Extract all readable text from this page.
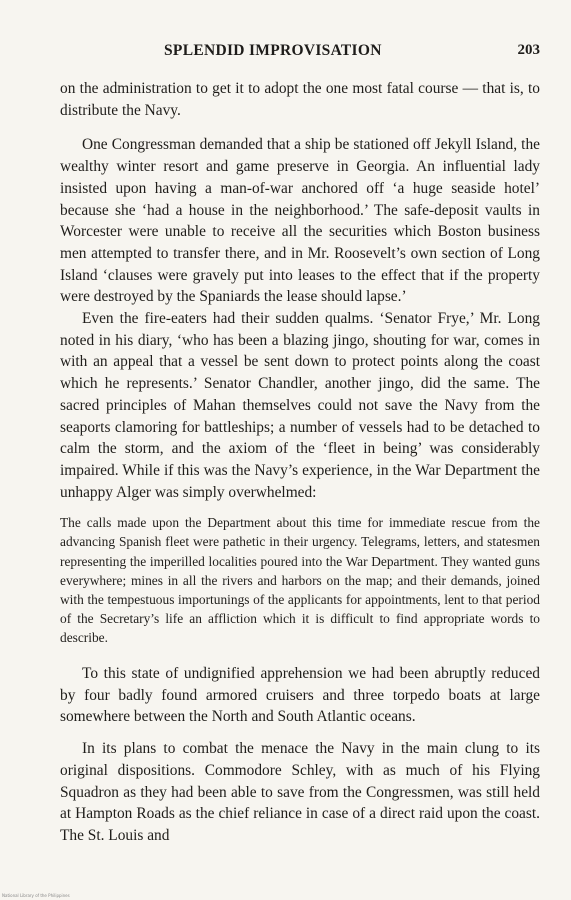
SPLENDID IMPROVISATION	203

on the administration to get it to adopt the one most fatal course — that is, to distribute the Navy.

One Congressman demanded that a ship be stationed off Jekyll Island, the wealthy winter resort and game preserve in Georgia. An influential lady insisted upon having a man-of-war anchored off ‘a huge seaside hotel’ because she ‘had a house in the neighborhood.’ The safe-deposit vaults in Worcester were unable to receive all the securities which Boston business men attempted to transfer there, and in Mr. Roosevelt’s own section of Long Island ‘clauses were gravely put into leases to the effect that if the property were destroyed by the Spaniards the lease should lapse.’

Even the fire-eaters had their sudden qualms. ‘Senator Frye,’ Mr. Long noted in his diary, ‘who has been a blazing jingo, shouting for war, comes in with an appeal that a vessel be sent down to protect points along the coast which he represents.’ Senator Chandler, another jingo, did the same. The sacred principles of Mahan themselves could not save the Navy from the seaports clamoring for battleships; a number of vessels had to be detached to calm the storm, and the axiom of the ‘fleet in being’ was considerably impaired. While if this was the Navy’s experience, in the War Department the unhappy Alger was simply overwhelmed:

The calls made upon the Department about this time for immediate rescue from the advancing Spanish fleet were pathetic in their urgency. Telegrams, letters, and statesmen representing the imperilled localities poured into the War Department. They wanted guns everywhere; mines in all the rivers and harbors on the map; and their demands, joined with the tempestuous importunings of the applicants for appointments, lent to that period of the Secretary’s life an affliction which it is difficult to find appropriate words to describe.

To this state of undignified apprehension we had been abruptly reduced by four badly found armored cruisers and three torpedo boats at large somewhere between the North and South Atlantic oceans.

In its plans to combat the menace the Navy in the main clung to its original dispositions. Commodore Schley, with as much of his Flying Squadron as they had been able to save from the Congressmen, was still held at Hampton Roads as the chief reliance in case of a direct raid upon the coast. The St. Louis and

National Library of the Philippines
